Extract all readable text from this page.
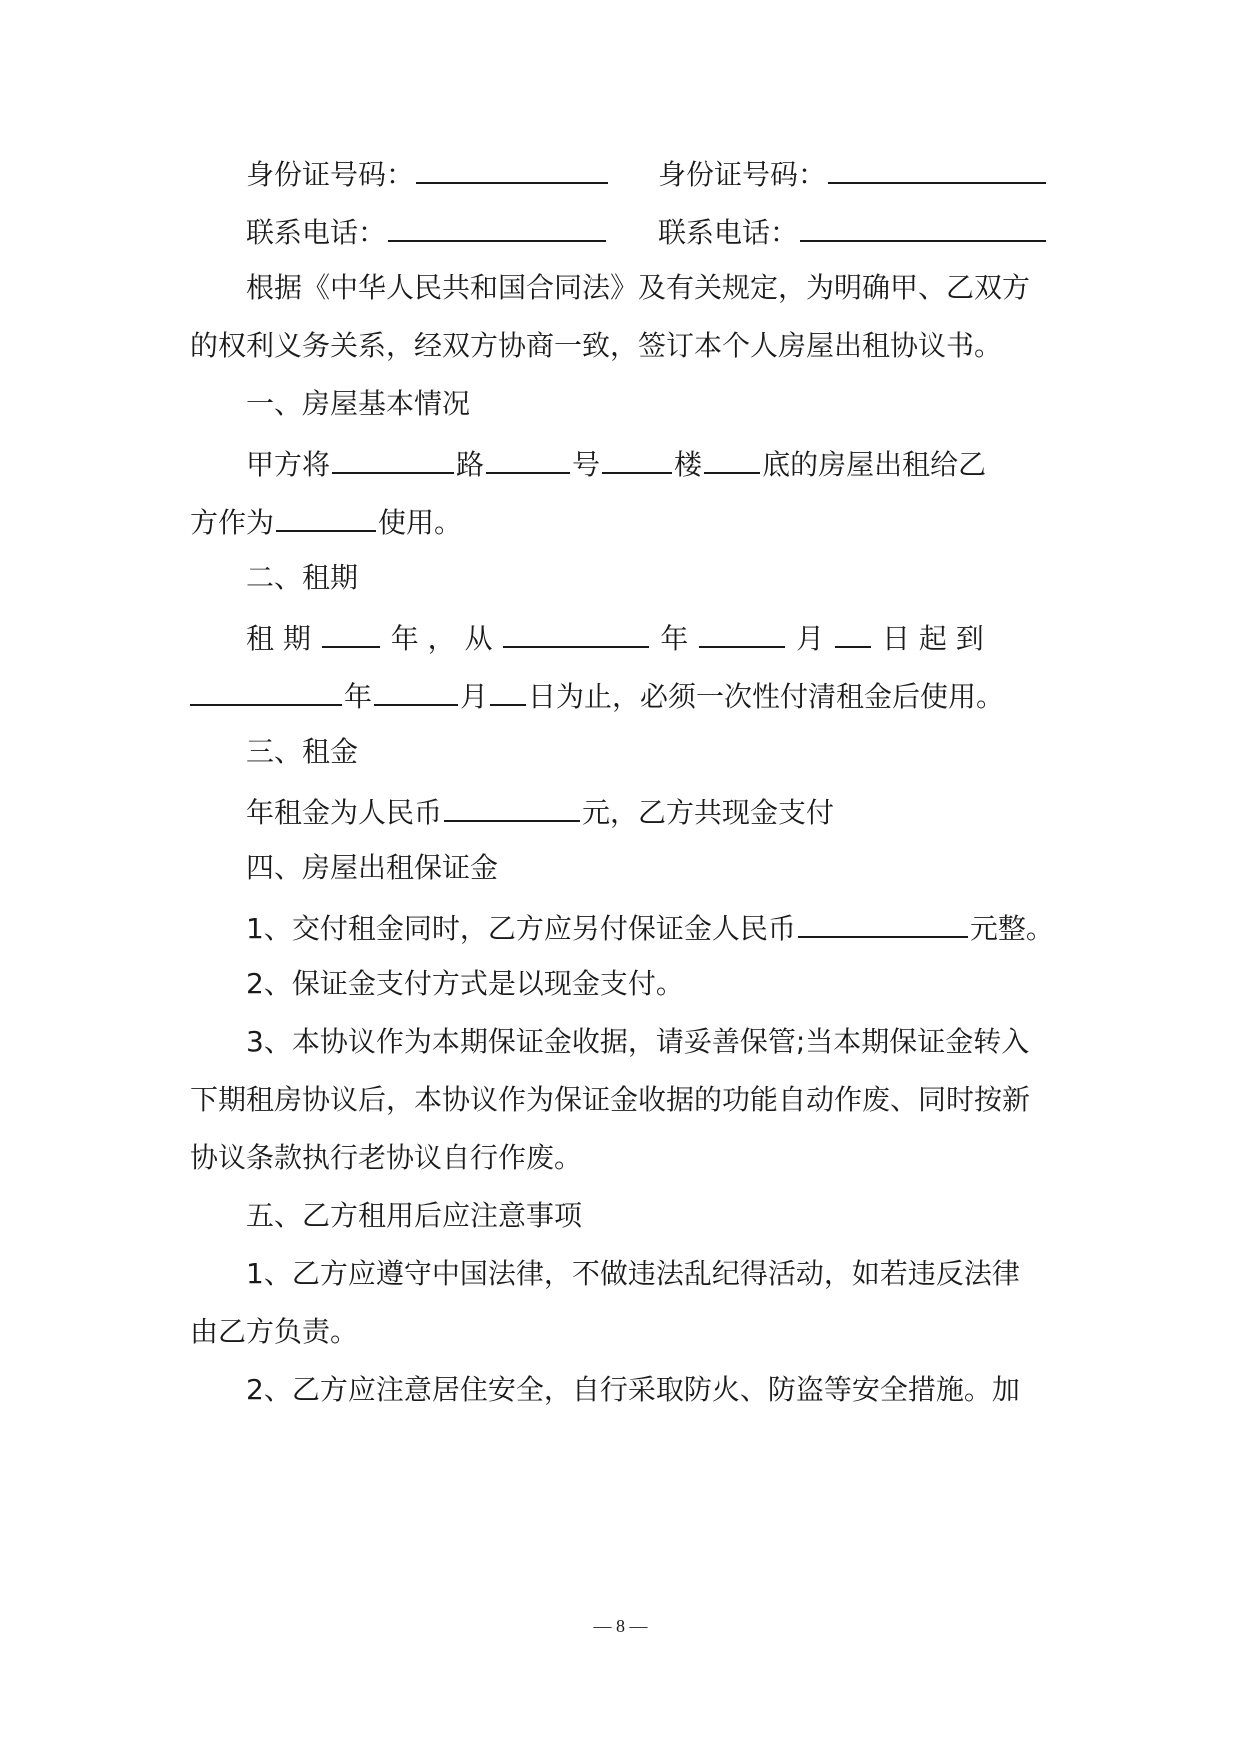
身份证号码：	身份证号码：
联系电话：	联系电话：
根据《中华人民共和国合同法》及有关规定，为明确甲、乙双方
的权利义务关系，经双方协商一致，签订本个人房屋出租协议书。
一、房屋基本情况
甲方将	路	号	楼 底的房屋出租给乙
方作为	使用。
二、租期
租 期	年 ， 从	年	月 日 起 到
年	月 日为止，必须一次性付清租金后使用。
三、租金
年租金为人民币	元，乙方共现金支付
四、房屋出租保证金
1、交付租金同时，乙方应另付保证金人民币	元整。
2、保证金支付方式是以现金支付。
3、本协议作为本期保证金收据，请妥善保管;当本期保证金转入
下期租房协议后，本协议作为保证金收据的功能自动作废、同时按新
协议条款执行老协议自行作废。
五、乙方租用后应注意事项
1、乙方应遵守中国法律，不做违法乱纪得活动，如若违反法律
由乙方负责。
2、乙方应注意居住安全，自行采取防火、防盗等安全措施。加
— 8 —
